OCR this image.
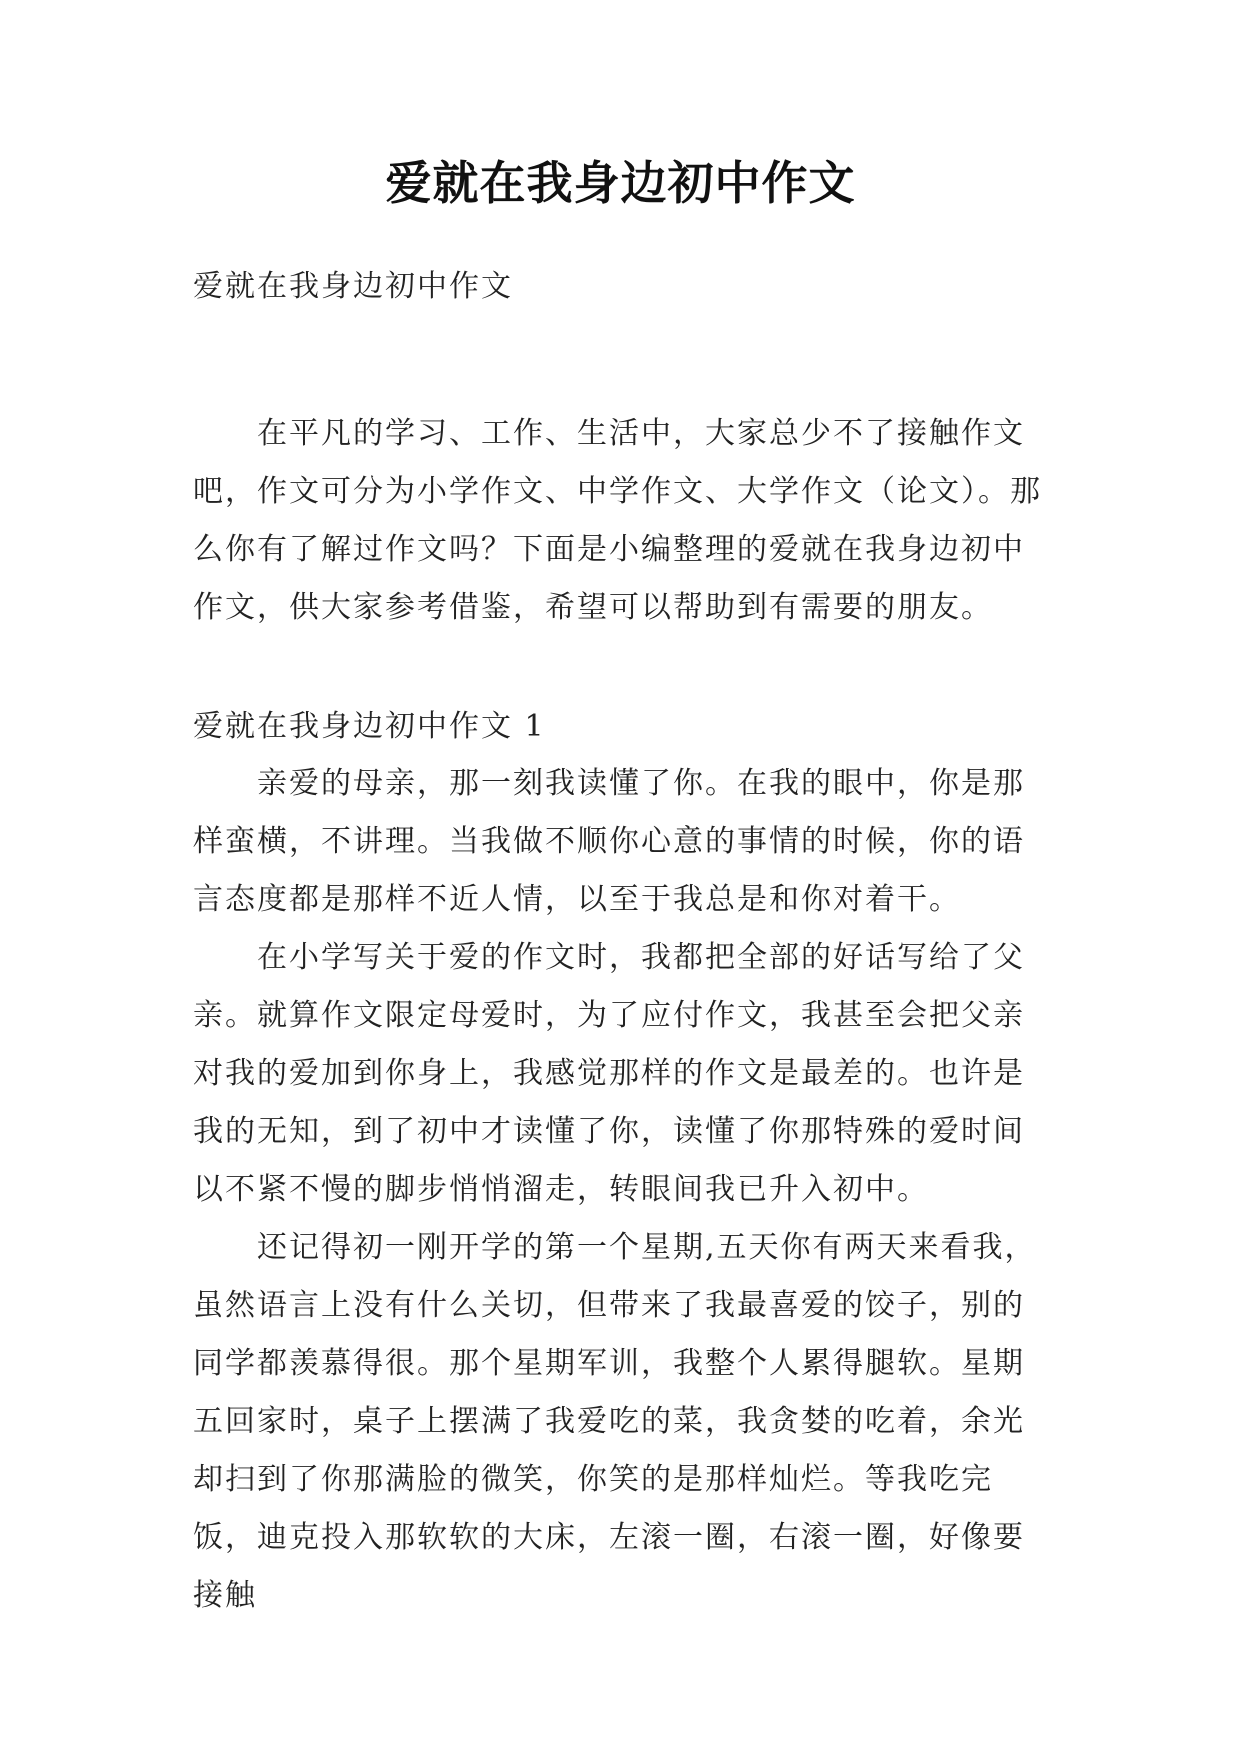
爱就在我身边初中作文

爱就在我身边初中作文

在平凡的学习、工作、生活中，大家总少不了接触作文吧，作文可分为小学作文、中学作文、大学作文（论文）。那么你有了解过作文吗？下面是小编整理的爱就在我身边初中作文，供大家参考借鉴，希望可以帮助到有需要的朋友。

爱就在我身边初中作文 1

亲爱的母亲，那一刻我读懂了你。在我的眼中，你是那样蛮横，不讲理。当我做不顺你心意的事情的时候，你的语言态度都是那样不近人情，以至于我总是和你对着干。

在小学写关于爱的作文时，我都把全部的好话写给了父亲。就算作文限定母爱时，为了应付作文，我甚至会把父亲对我的爱加到你身上，我感觉那样的作文是最差的。也许是我的无知，到了初中才读懂了你，读懂了你那特殊的爱时间以不紧不慢的脚步悄悄溜走，转眼间我已升入初中。

还记得初一刚开学的第一个星期,五天你有两天来看我，虽然语言上没有什么关切，但带来了我最喜爱的饺子，别的同学都羡慕得很。那个星期军训，我整个人累得腿软。星期五回家时，桌子上摆满了我爱吃的菜，我贪婪的吃着，余光却扫到了你那满脸的微笑，你笑的是那样灿烂。等我吃完饭，迪克投入那软软的大床，左滚一圈，右滚一圈，好像要接触
